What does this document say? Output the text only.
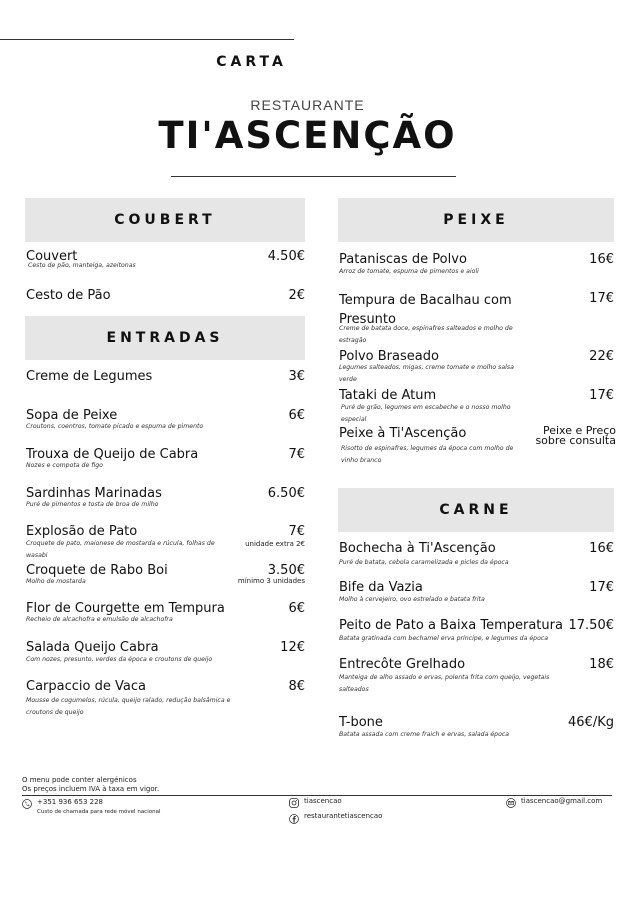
CARTA
RESTAURANTE
TI'ASCENÇÃO
COUBERT
Couvert	4.50€
Cesto de pão, manteiga, azeitonas
Cesto de Pão	2€
ENTRADAS
Creme de Legumes	3€
Sopa de Peixe	6€
Croutons, coentros, tomate picado e espuma de pimento
Trouxa de Queijo de Cabra	7€
Nozes e compota de figo
Sardinhas Marinadas	6.50€
Puré de pimentos e tosta de broa de milho
Explosão de Pato	7€
unidade extra 2€
Croquete de pato, maionese de mostarda e rúcula, folhas de wasabi
Croquete de Rabo Boi	3.50€
mínimo 3 unidades
Molho de mostarda
Flor de Courgette em Tempura	6€
Recheio de alcachofra e emulsão de alcachofra
Salada Queijo Cabra	12€
Com nozes, presunto, verdes da época e croutons de queijo
Carpaccio de Vaca	8€
Mousse de cogumelos, rúcula, queijo ralado, redução balsâmica e croutons de queijo
PEIXE
Pataniscas de Polvo	16€
Arroz de tomate, espuma de pimentos e aioli
Tempura de Bacalhau com Presunto
17€
Creme de batata doce, espinafres salteados e molho de estragão
Polvo Braseado	22€
Legumes salteados, migas, creme tomate e molho salsa verde
Tataki de Atum	17€
Puré de grão, legumes em escabeche e o nosso molho especial
Peixe à Ti'Ascenção	Peixe e Preço sobre consulta
Risotto de espinafres, legumes da época com molho de vinho branco
CARNE
Bochecha à Ti'Ascenção	16€
Puré de batata, cebola caramelizada e picles da época
Bife da Vazia	17€
Molho à cervejeiro, ovo estrelado e batata frita
Peito de Pato a Baixa Temperatura 17.50€
Batata gratinada com bechamel erva príncipe, e legumes da época
Entrecôte Grelhado	18€
Manteiga de alho assado e ervas, polenta frita com queijo, vegetais salteados
T-bone	46€/Kg
Batata assada com creme fraich e ervas, salada época
O menu pode conter alergénicos
Os preços incluem IVA à taxa em vigor.
+351 936 653 228
Custo de chamada para rede móvel nacional
tiascencao
restaurantetiascencao
tiascencao@gmail.com
